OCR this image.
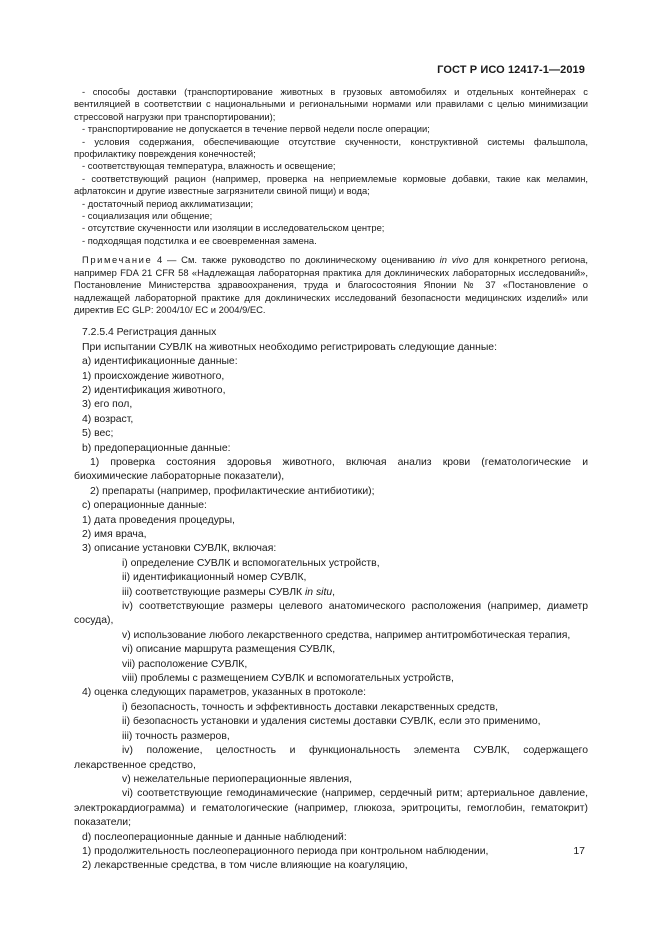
ГОСТ Р ИСО 12417-1—2019

- способы доставки (транспортирование животных в грузовых автомобилях и отдельных контейнерах с вентиляцией в соответствии с национальными и региональными нормами или правилами с целью минимизации стрессовой нагрузки при транспортировании);

- транспортирование не допускается в течение первой недели после операции;

- условия содержания, обеспечивающие отсутствие скученности, конструктивной системы фальшпола, профилактику повреждения конечностей;

- соответствующая температура, влажность и освещение;

- соответствующий рацион (например, проверка на неприемлемые кормовые добавки, такие как меламин, афлатоксин и другие известные загрязнители свиной пищи) и вода;

- достаточный период акклиматизации;

- социализация или общение;

- отсутствие скученности или изоляции в исследовательском центре;

- подходящая подстилка и ее своевременная замена.

Примечание 4 — См. также руководство по доклиническому оцениванию in vivo для конкретного региона, например FDA 21 CFR 58 «Надлежащая лабораторная практика для доклинических лабораторных исследований», Постановление Министерства здравоохранения, труда и благосостояния Японии № 37 «Постановление о надлежащей лабораторной практике для доклинических исследований безопасности медицинских изделий» или директив EC GLP: 2004/10/ EC и 2004/9/EC.

7.2.5.4 Регистрация данных

При испытании СУВЛК на животных необходимо регистрировать следующие данные:

а) идентификационные данные:

1) происхождение животного,

2) идентификация животного,

3) его пол,

4) возраст,

5) вес;

b) предоперационные данные:

1) проверка состояния здоровья животного, включая анализ крови (гематологические и биохимические лабораторные показатели),

2) препараты (например, профилактические антибиотики);

c) операционные данные:

1) дата проведения процедуры,

2) имя врача,

3) описание установки СУВЛК, включая:

i) определение СУВЛК и вспомогательных устройств,

ii) идентификационный номер СУВЛК,

iii) соответствующие размеры СУВЛК in situ,

iv) соответствующие размеры целевого анатомического расположения (например, диаметр сосуда),

v) использование любого лекарственного средства, например антитромботическая терапия,

vi) описание маршрута размещения СУВЛК,

vii) расположение СУВЛК,

viii) проблемы с размещением СУВЛК и вспомогательных устройств,

4) оценка следующих параметров, указанных в протоколе:

i) безопасность, точность и эффективность доставки лекарственных средств,

ii) безопасность установки и удаления системы доставки СУВЛК, если это применимо,

iii) точность размеров,

iv) положение, целостность и функциональность элемента СУВЛК, содержащего лекарственное средство,

v) нежелательные периоперационные явления,

vi) соответствующие гемодинамические (например, сердечный ритм; артериальное давление, электрокардиограмма) и гематологические (например, глюкоза, эритроциты, гемоглобин, гематокрит) показатели;

d) послеоперационные данные и данные наблюдений:

1) продолжительность послеоперационного периода при контрольном наблюдении,

2) лекарственные средства, в том числе влияющие на коагуляцию,

17
